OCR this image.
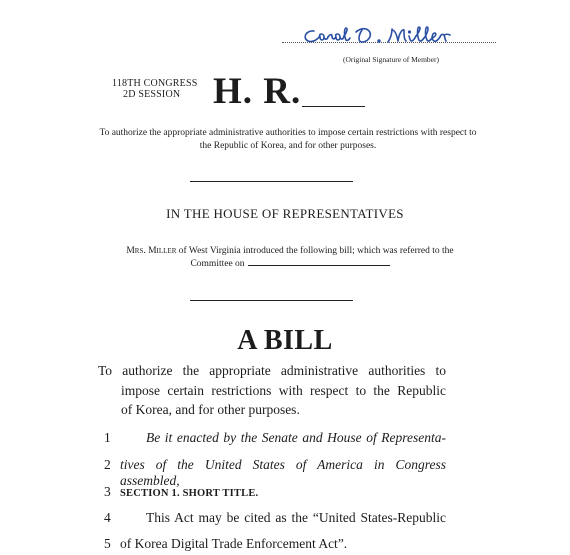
(Original Signature of Member)
118TH CONGRESS
2D SESSION H. R.
To authorize the appropriate administrative authorities to impose certain restrictions with respect to the Republic of Korea, and for other purposes.
IN THE HOUSE OF REPRESENTATIVES
Mrs. Miller of West Virginia introduced the following bill; which was referred to the Committee on
A BILL
To authorize the appropriate administrative authorities to
impose certain restrictions with respect to the Republic
of Korea, and for other purposes.
1	Be it enacted by the Senate and House of Representa-
2 tives of the United States of America in Congress assembled,
3 SECTION 1. SHORT TITLE.
4	This Act may be cited as the “United States-Republic
5 of Korea Digital Trade Enforcement Act”.
